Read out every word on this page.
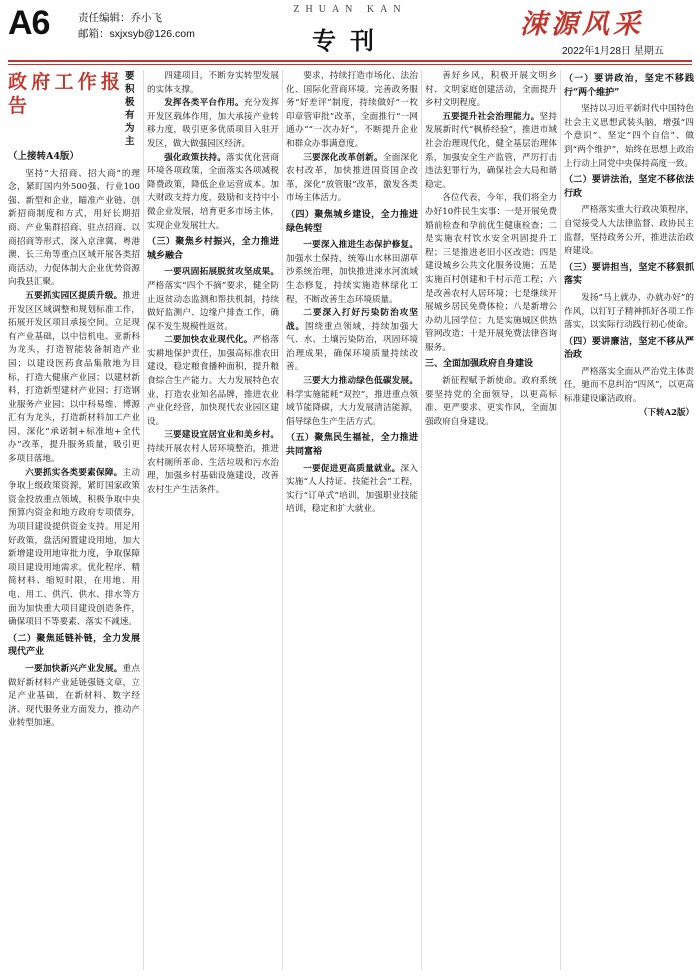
A6	责任编辑：乔小飞
邮箱：sxjxsyb@126.com
ZHUAN KAN
专刊
涑源风采
2022年1月28日 星期五
政府工作报告
要积极有为主
（上接转A4版）

坚持“大招商、招大商”的理念，紧盯国内外500强、行业100强、新型和企业，瞄准产业链、创新招商制度和方式，用好长期招商、产业集群招商、驻点招商、以商招商等形式，深入京津冀、粤港澳、长三角等重点区域开展各类招商活动，力促体制大企业优势资源向我县汇聚。

五要抓实园区提质升级。推进开发区区域调整和规划标准工作，拓展开发区项目承接空间。立足现有产业基础，以中信机电、亚新科为龙头，打造智能装备制造产业园；以建设医药食品集散地为目标，打造大健康产业园；以建材新料，打造新型建材产业园；打造钢业服务产业园；以中科易维、博源汇有为龙头，打造新材料加工产业园，深化“承诺制+标准地+全代办”改革，提升服务质量，吸引更多项目落地。

六要抓实各类要素保障。主动争取上级政策资源，紧盯国家政策资金投放重点领域，积极争取中央预算内资金和地方政府专项债券，为项目建设提供资金支持。用足用好政策，盘活闲置建设用地，加大新增建设用地审批力度，争取保障项目建设用地需求。优化程序、精简材料、缩短时限，在用地、用电、用工、供汽、供水、排水等方面为加快重大项目建设创造条件，确保项目不等要素、落实不减速。

（二）聚焦延链补链，全力发展现代产业

一要加快新兴产业发展。重点做好新材料产业延链强链文章，立足产业基础，在新材料、数字经济、现代服务业方面发力，推动产业转型加速。

四建项目，不断夯实转型发展的实体支撑。

发挥各类平台作用。充分发挥开发区载体作用，加大承接产业转移力度，吸引更多优质项目入驻开发区，做大做强园区经济。

强化政策扶持。落实优化营商环境各项政策，全面落实各项减税降费政策，降低企业运营成本。加大财政支持力度，鼓励和支持中小微企业发展，培育更多市场主体，实现企业发展壮大。

（三）聚焦乡村振兴，全力推进城乡融合

一要巩固拓展脱贫攻坚成果。严格落实“四个不摘”要求，健全防止返贫动态监测和帮扶机制，持续做好监测户、边缘户排查工作，确保不发生规模性返贫。

二要加快农业现代化。严格落实耕地保护责任，加强高标准农田建设，稳定粮食播种面积，提升粮食综合生产能力。大力发展特色农业，打造农业知名品牌，推进农业产业化经营，加快现代农业园区建设。

三要建设宜居宜业和美乡村。持续开展农村人居环境整治，推进农村厕所革命、生活垃圾和污水治理，加强乡村基础设施建设，改善农村生产生活条件。

要求，持续打造市场化、法治化、国际化营商环境。完善政务服务“好差评”制度，持续做好“一枚印章管审批”改革，全面推行“一网通办”“一次办好”，不断提升企业和群众办事满意度。

三要深化改革创新。全面深化农村改革，加快推进国资国企改革，深化“放管服”改革，激发各类市场主体活力。

（四）聚焦城乡建设，全力推进绿色转型

一要深入推进生态保护修复。加强水土保持，统筹山水林田湖草沙系统治理，加快推进涑水河流域生态修复，持续实施造林绿化工程，不断改善生态环境质量。

二要深入打好污染防治攻坚战。围绕重点领域，持续加强大气、水、土壤污染防治，巩固环境治理成果，确保环境质量持续改善。

三要大力推动绿色低碳发展。科学实施能耗“双控”，推进重点领域节能降碳，大力发展清洁能源，倡导绿色生产生活方式。

（五）聚焦民生福祉，全力推进共同富裕

一要促进更高质量就业。深入实施“人人持证、技能社会”工程，实行“订单式”培训，加强职业技能培训，稳定和扩大就业。

善好乡风，积极开展文明乡村、文明家庭创建活动，全面提升乡村文明程度。

五要提升社会治理能力。坚持发展新时代“枫桥经验”，推进市域社会治理现代化，健全基层治理体系，加强安全生产监管，严厉打击违法犯罪行为，确保社会大局和谐稳定。

各位代表，今年，我们将全力办好10件民生实事：一是开展免费婚前检查和孕前优生健康检查；二是实施农村饮水安全巩固提升工程；三是推进老旧小区改造；四是建设城乡公共文化服务设施；五是实施百村创建和千村示范工程；六是改善农村人居环境；七是继续开展城乡居民免费体检；八是新增公办幼儿园学位；九是实施城区供热管网改造；十是开展免费法律咨询服务。

三、全面加强政府自身建设

新征程赋予新使命。政府系统要坚持党的全面领导，以更高标准、更严要求、更实作风，全面加强政府自身建设。

（一）要讲政治，坚定不移践行“两个维护”

坚持以习近平新时代中国特色社会主义思想武装头脑，增强“四个意识”、坚定“四个自信”、做到“两个维护”，始终在思想上政治上行动上同党中央保持高度一致。

（二）要讲法治，坚定不移依法行政

严格落实重大行政决策程序，自觉接受人大法律监督、政协民主监督，坚持政务公开，推进法治政府建设。

（三）要讲担当，坚定不移狠抓落实

发扬“马上就办、办就办好”的作风，以钉钉子精神抓好各项工作落实，以实际行动践行初心使命。

（四）要讲廉洁，坚定不移从严治政

严格落实全面从严治党主体责任，驰而不息纠治“四风”，以更高标准建设廉洁政府。

（下转A2版）
